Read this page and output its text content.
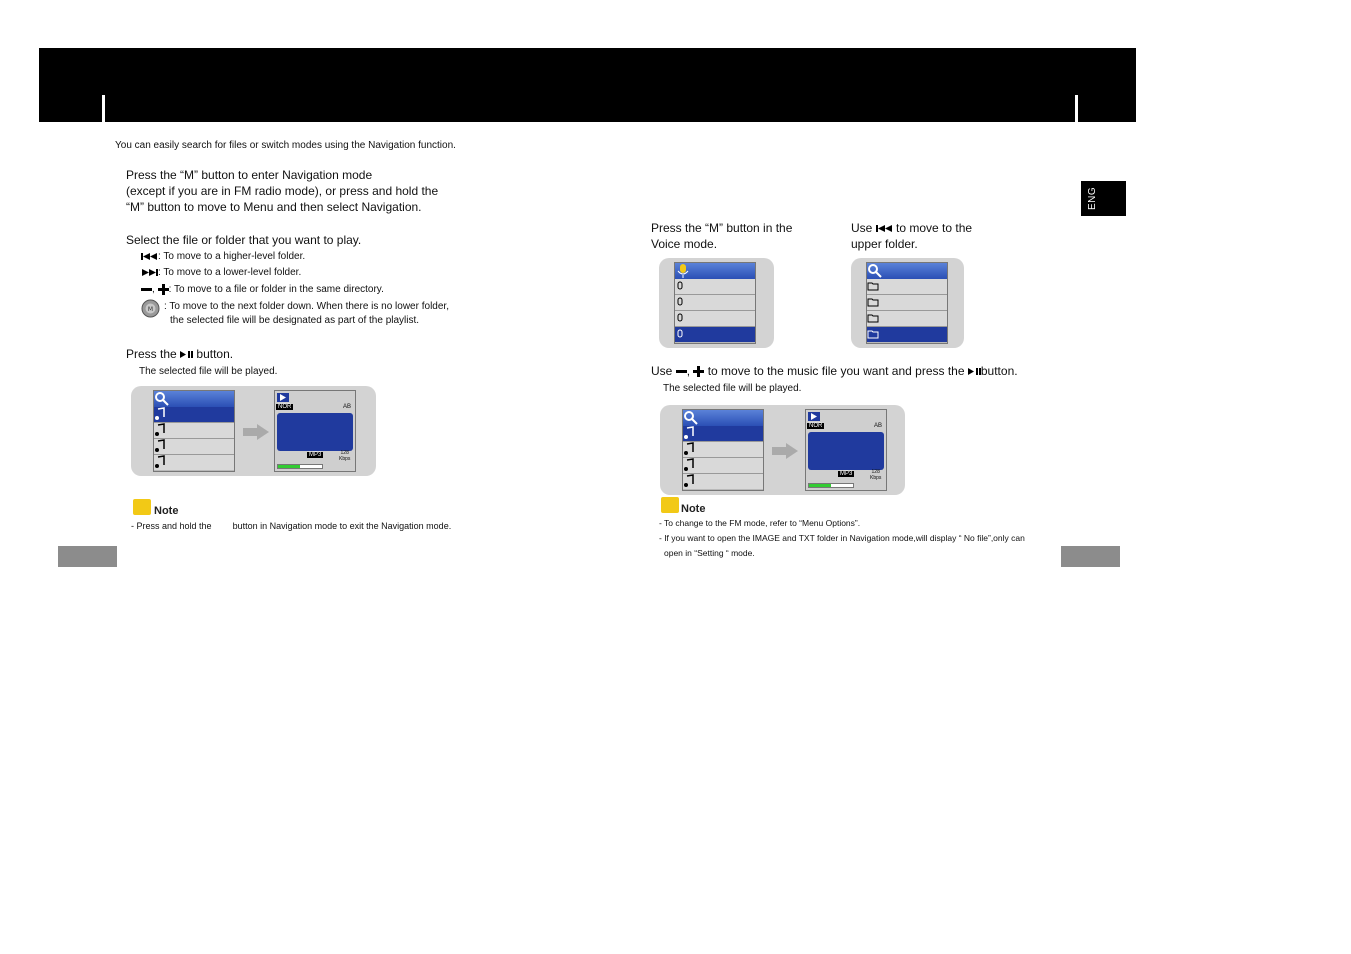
You can easily search for files or switch modes using the Navigation function.
ENG
Press the “M” button to enter Navigation mode
(except if you are in FM radio mode), or press and hold the
“M” button to move to Menu and then select Navigation.
Select the file or folder that you want to play.
: To move to a higher-level folder.
: To move to a lower-level folder.
, : To move to a file or folder in the same directory.
M : To move to the next folder down. When there is no lower folder,
the selected file will be designated as part of the playlist.
Press the button.
The selected file will be played.
NOR	AB
MP3	128
Kbps
Note
- Press and hold the button in Navigation mode to exit the Navigation mode.
Press the “M” button in the
Voice mode.
Use to move to the
upper folder.
Use , to move to the music file you want and press the button.
The selected file will be played.
NOR	AB
MP3	128
Kbps
Note
- To change to the FM mode, refer to “Menu Options”.
- If you want to open the IMAGE and TXT folder in Navigation mode,will display “ No file”,only can
open in “Setting “ mode.
